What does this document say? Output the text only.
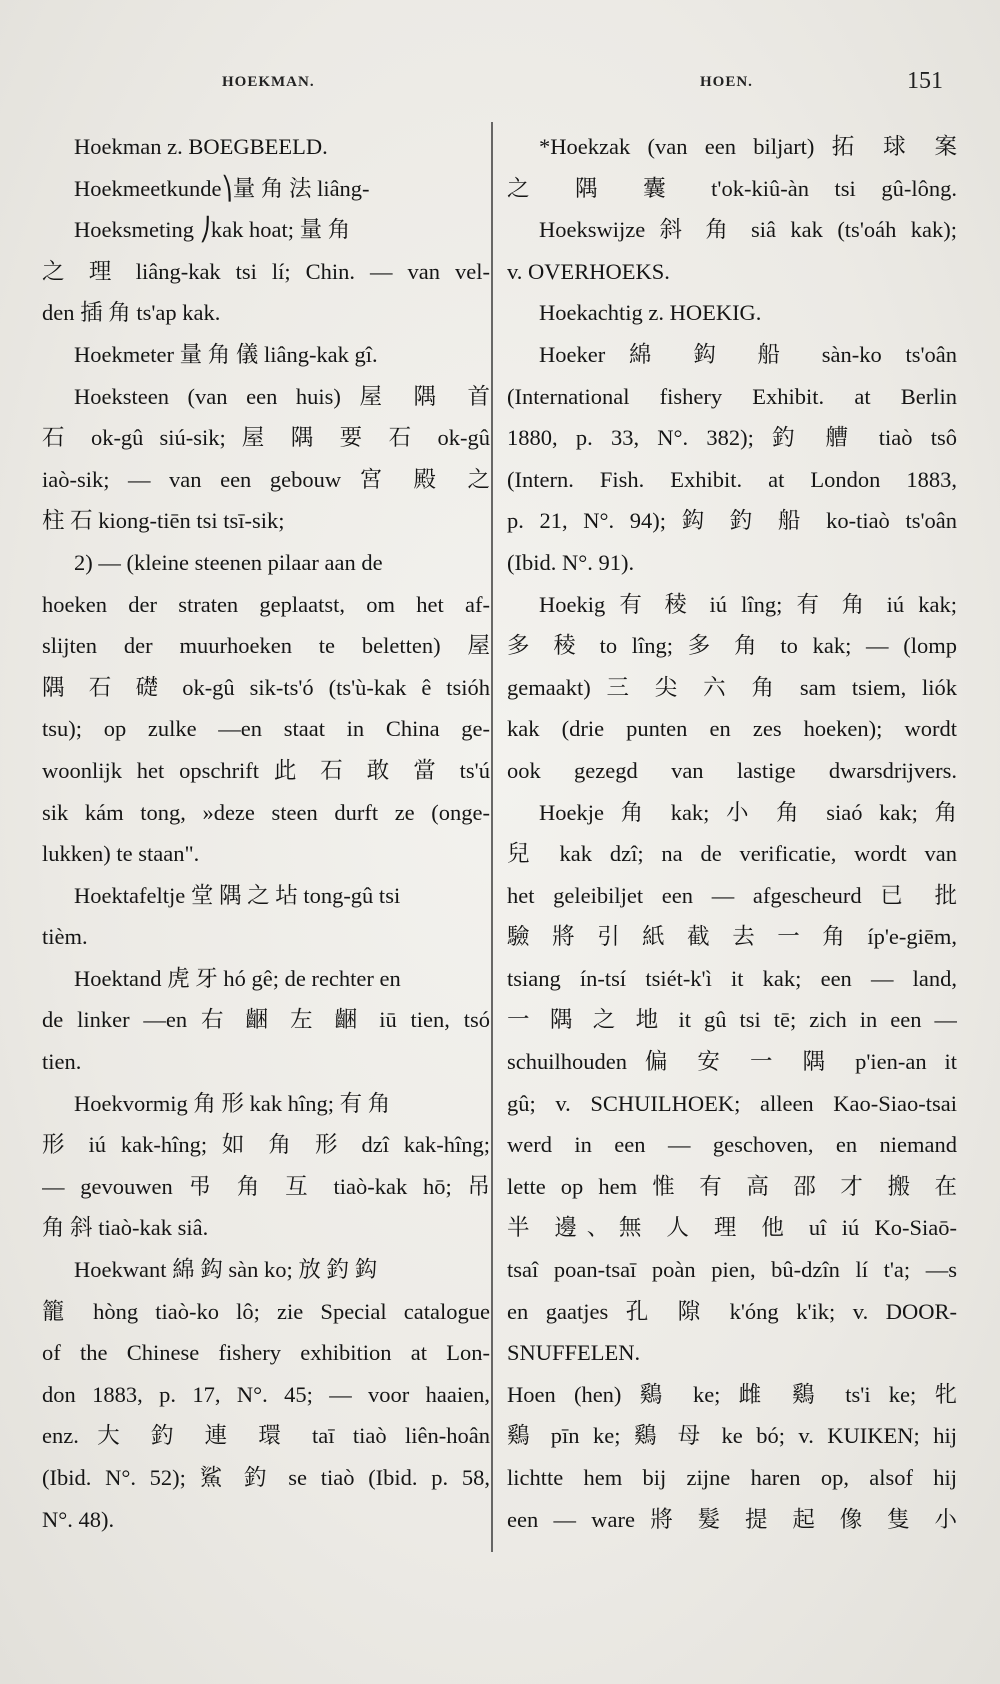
HOEKMAN.	HOEN.	151
Hoekman z. BOEGBEELD.
Hoekmeetkunde⎞量 角 法 liâng-
Hoeksmeting ⎠kak hoat; 量 角
之 理 liâng-kak tsi lí; Chin. — van vel-
den 插 角 ts'ap kak.
Hoekmeter 量 角 儀 liâng-kak gî.
Hoeksteen (van een huis) 屋 隅 首
石 ok-gû siú-sik; 屋 隅 要 石 ok-gû
iaò-sik; — van een gebouw 宮 殿 之
柱 石 kiong-tiēn tsi tsī-sik;
2) — (kleine steenen pilaar aan de
hoeken der straten geplaatst, om het af-
slijten der muurhoeken te beletten) 屋
隅 石 礎 ok-gû sik-ts'ó (ts'ù-kak ê tsióh
tsu); op zulke —en staat in China ge-
woonlijk het opschrift 此 石 敢 當 ts'ú
sik kám tong, »deze steen durft ze (onge-
lukken) te staan".
Hoektafeltje 堂 隅 之 坫 tong-gû tsi
tièm.
Hoektand 虎 牙 hó gê; de rechter en
de linker —en 右 齫 左 齫 iū tien, tsó
tien.
Hoekvormig 角 形 kak hîng; 有 角
形 iú kak-hîng; 如 角 形 dzî kak-hîng;
— gevouwen 弔 角 互 tiaò-kak hō; 吊
角 斜 tiaò-kak siâ.
Hoekwant 綿 鈎 sàn ko; 放 釣 鈎
籠 hòng tiaò-ko lô; zie Special catalogue
of the Chinese fishery exhibition at Lon-
don 1883, p. 17, N°. 45; — voor haaien,
enz. 大 釣 連 環 taī tiaò liên-hoân
(Ibid. N°. 52); 鯊 釣 se tiaò (Ibid. p. 58,
N°. 48).
*Hoekzak (van een biljart) 拓 球 案
之 隅 囊 t'ok-kiû-àn tsi gû-lông.
Hoekswijze 斜 角 siâ kak (ts'oáh kak);
v. OVERHOEKS.
Hoekachtig z. HOEKIG.
Hoeker 綿 鈎 船 sàn-ko ts'oân
(International fishery Exhibit. at Berlin
1880, p. 33, N°. 382); 釣 艚 tiaò tsô
(Intern. Fish. Exhibit. at London 1883,
p. 21, N°. 94); 鈎 釣 船 ko-tiaò ts'oân
(Ibid. N°. 91).
Hoekig 有 稜 iú lîng; 有 角 iú kak;
多 稜 to lîng; 多 角 to kak; — (lomp
gemaakt) 三 尖 六 角 sam tsiem, liók
kak (drie punten en zes hoeken); wordt
ook gezegd van lastige dwarsdrijvers.
Hoekje 角 kak; 小 角 siaó kak; 角
兒 kak dzî; na de verificatie, wordt van
het geleibiljet een — afgescheurd 已 批
驗 將 引 紙 截 去 一 角 íp'e-giēm,
tsiang ín-tsí tsiét-k'ì it kak; een — land,
一 隅 之 地 it gû tsi tē; zich in een —
schuilhouden 偏 安 一 隅 p'ien-an it
gû; v. SCHUILHOEK; alleen Kao-Siao-tsai
werd in een — geschoven, en niemand
lette op hem 惟 有 高 邵 才 搬 在
半 邊、無 人 理 他 uî iú Ko-Siaō-
tsaî poan-tsaī poàn pien, bû-dzîn lí t'a; —s
en gaatjes 孔 隙 k'óng k'ik; v. DOOR-
SNUFFELEN.
Hoen (hen) 鷄 ke; 雌 鷄 ts'i ke; 牝
鷄 pīn ke; 鷄 母 ke bó; v. KUIKEN; hij
lichtte hem bij zijne haren op, alsof hij
een — ware 將 髮 提 起 像 隻 小
